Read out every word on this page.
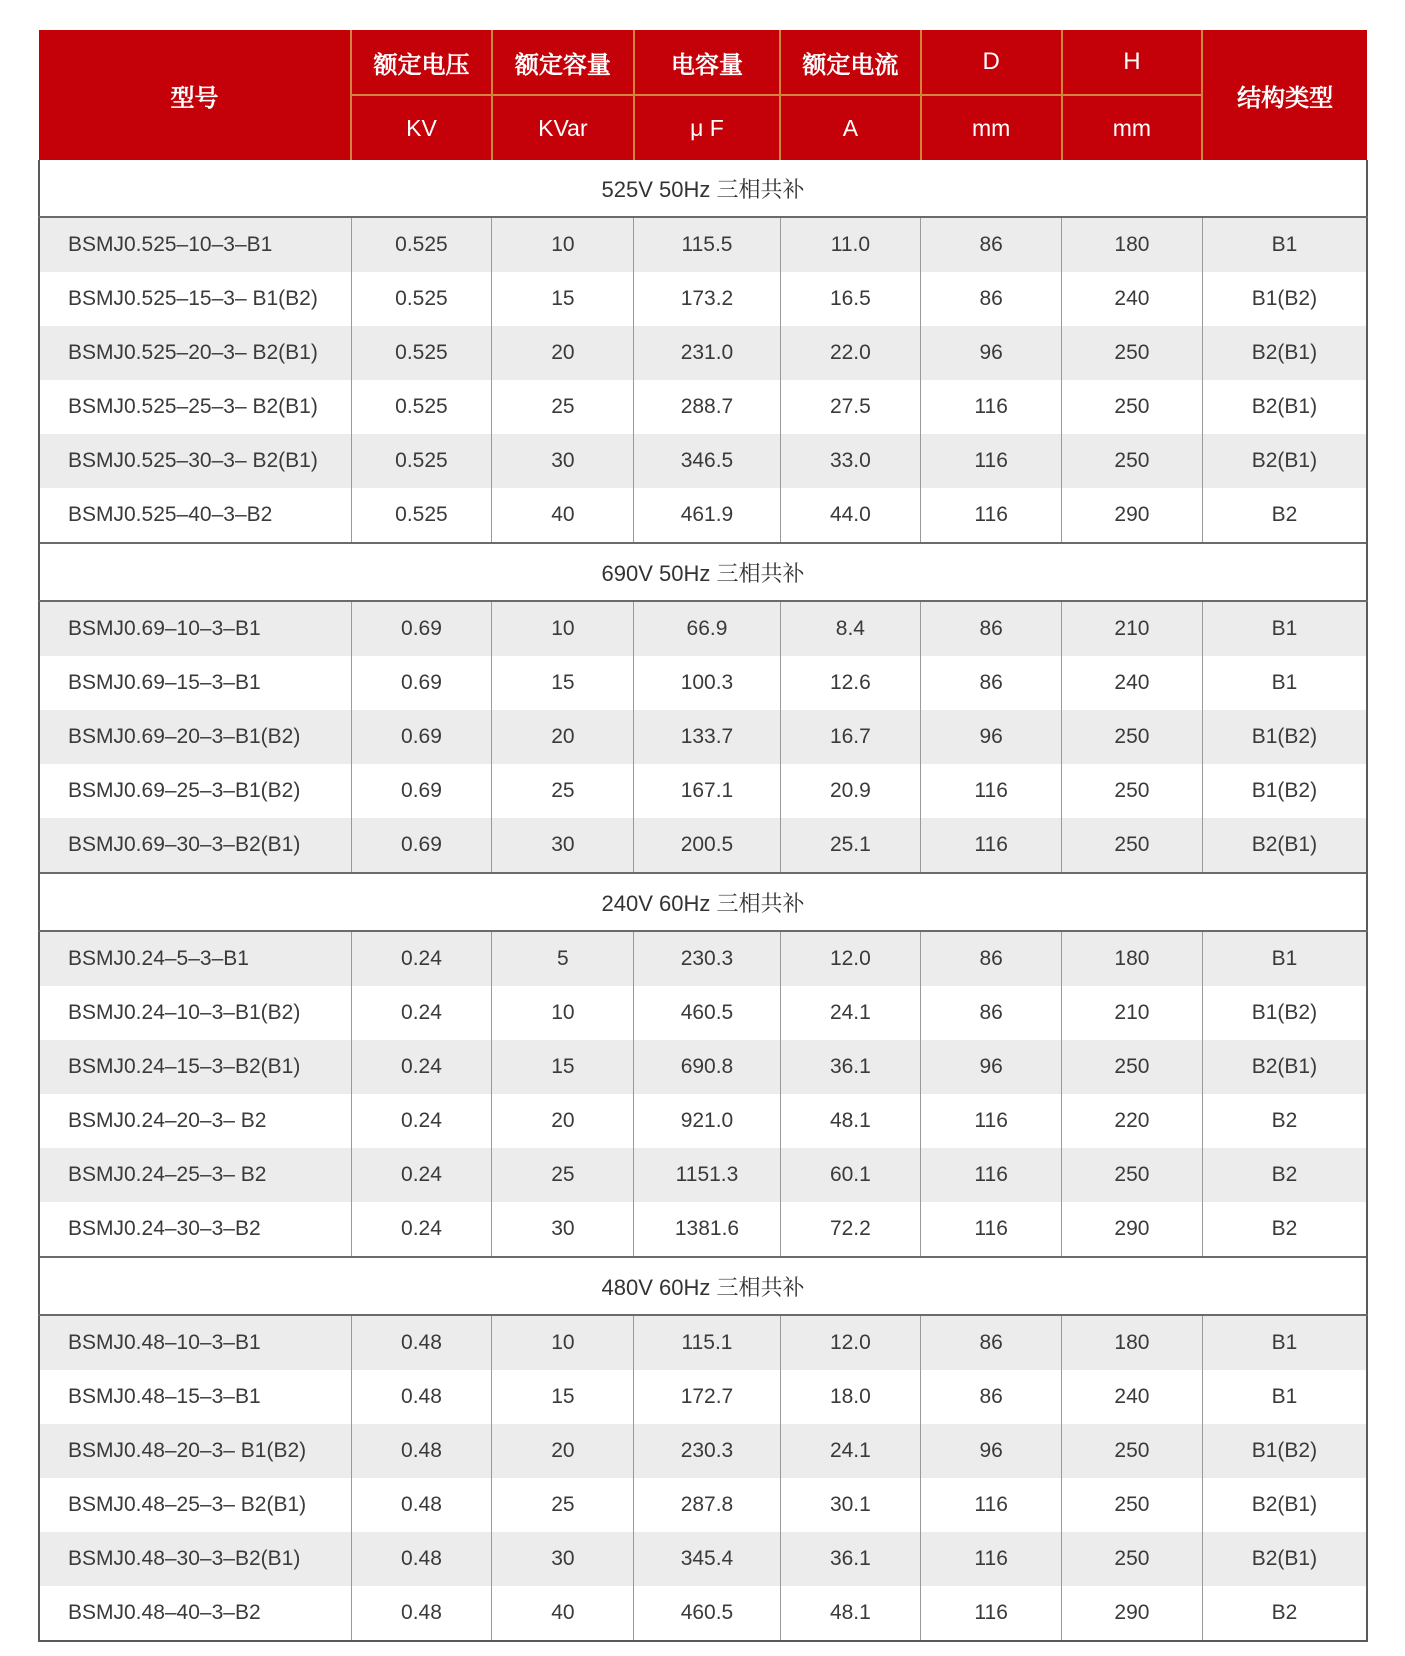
型号	额定电压	额定容量	电容量	额定电流	D	H	结构类型
	KV	KVar	μ F	A	mm	mm	
525V 50Hz 三相共补							
BSMJ0.525–10–3–B1	0.525	10	115.5	11.0	86	180	B1
BSMJ0.525–15–3– B1(B2)	0.525	15	173.2	16.5	86	240	B1(B2)
BSMJ0.525–20–3– B2(B1)	0.525	20	231.0	22.0	96	250	B2(B1)
BSMJ0.525–25–3– B2(B1)	0.525	25	288.7	27.5	116	250	B2(B1)
BSMJ0.525–30–3– B2(B1)	0.525	30	346.5	33.0	116	250	B2(B1)
BSMJ0.525–40–3–B2	0.525	40	461.9	44.0	116	290	B2
690V 50Hz 三相共补							
BSMJ0.69–10–3–B1	0.69	10	66.9	8.4	86	210	B1
BSMJ0.69–15–3–B1	0.69	15	100.3	12.6	86	240	B1
BSMJ0.69–20–3–B1(B2)	0.69	20	133.7	16.7	96	250	B1(B2)
BSMJ0.69–25–3–B1(B2)	0.69	25	167.1	20.9	116	250	B1(B2)
BSMJ0.69–30–3–B2(B1)	0.69	30	200.5	25.1	116	250	B2(B1)
240V 60Hz 三相共补							
BSMJ0.24–5–3–B1	0.24	5	230.3	12.0	86	180	B1
BSMJ0.24–10–3–B1(B2)	0.24	10	460.5	24.1	86	210	B1(B2)
BSMJ0.24–15–3–B2(B1)	0.24	15	690.8	36.1	96	250	B2(B1)
BSMJ0.24–20–3– B2	0.24	20	921.0	48.1	116	220	B2
BSMJ0.24–25–3– B2	0.24	25	1151.3	60.1	116	250	B2
BSMJ0.24–30–3–B2	0.24	30	1381.6	72.2	116	290	B2
480V 60Hz 三相共补							
BSMJ0.48–10–3–B1	0.48	10	115.1	12.0	86	180	B1
BSMJ0.48–15–3–B1	0.48	15	172.7	18.0	86	240	B1
BSMJ0.48–20–3– B1(B2)	0.48	20	230.3	24.1	96	250	B1(B2)
BSMJ0.48–25–3– B2(B1)	0.48	25	287.8	30.1	116	250	B2(B1)
BSMJ0.48–30–3–B2(B1)	0.48	30	345.4	36.1	116	250	B2(B1)
BSMJ0.48–40–3–B2	0.48	40	460.5	48.1	116	290	B2
